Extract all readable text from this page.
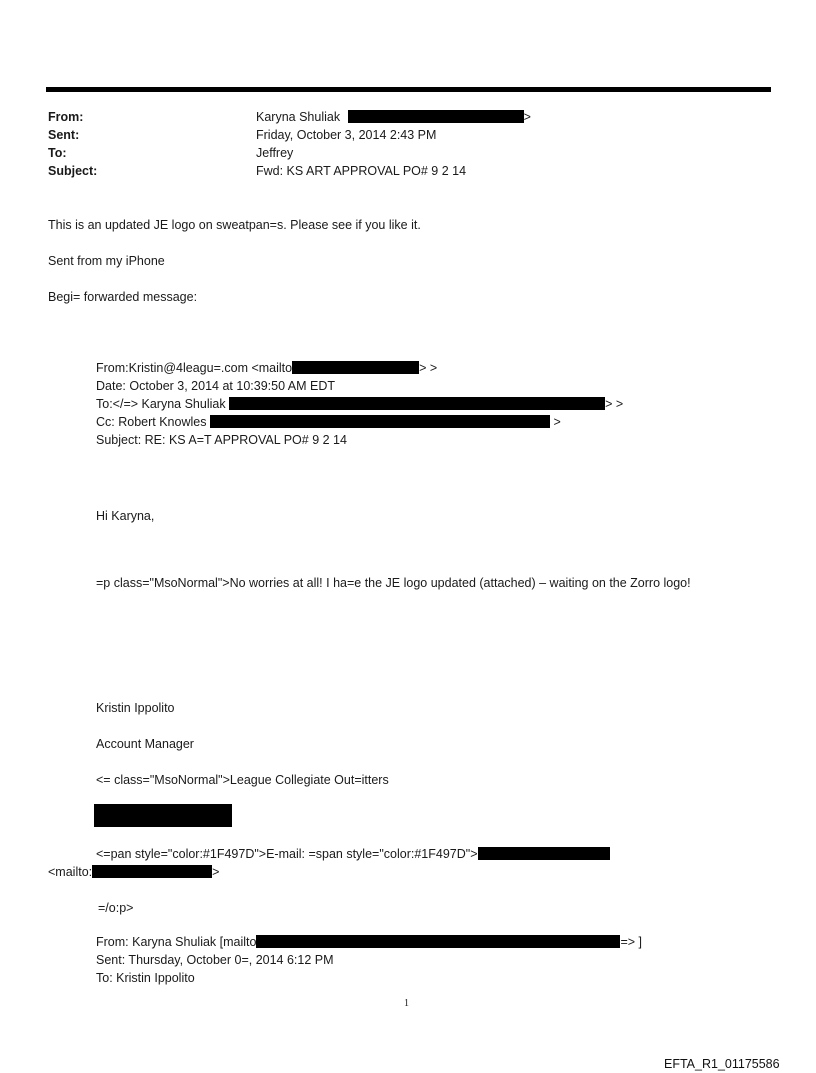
From:	Karyna Shuliak	>
Sent:	Friday, October 3, 2014 2:43 PM
To:	Jeffrey
Subject:	Fwd: KS ART APPROVAL PO# 9 2 14
This is an updated JE logo on sweatpan=s. Please see if you like it.
Sent from my iPhone
Begi= forwarded message:
From:Kristin@4leagu=.com <mailto	> >
Date: October 3, 2014 at 10:39:50 AM EDT
To:</=> Karyna Shuliak	> >
Cc: Robert Knowles	>
Subject: RE: KS A=T APPROVAL PO# 9 2 14
Hi Karyna,
=p class="MsoNormal">No worries at all! I ha=e the JE logo updated (attached) – waiting on the Zorro logo!
Kristin Ippolito
Account Manager
<= class="MsoNormal">League Collegiate Out=itters
<=pan style="color:#1F497D">E-mail: =span style="color:#1F497D">
<mailto:	>
=/o:p>
From: Karyna Shuliak [mailto	=> ]
Sent: Thursday, October 0=, 2014 6:12 PM
To: Kristin Ippolito
1
EFTA_R1_01175586
